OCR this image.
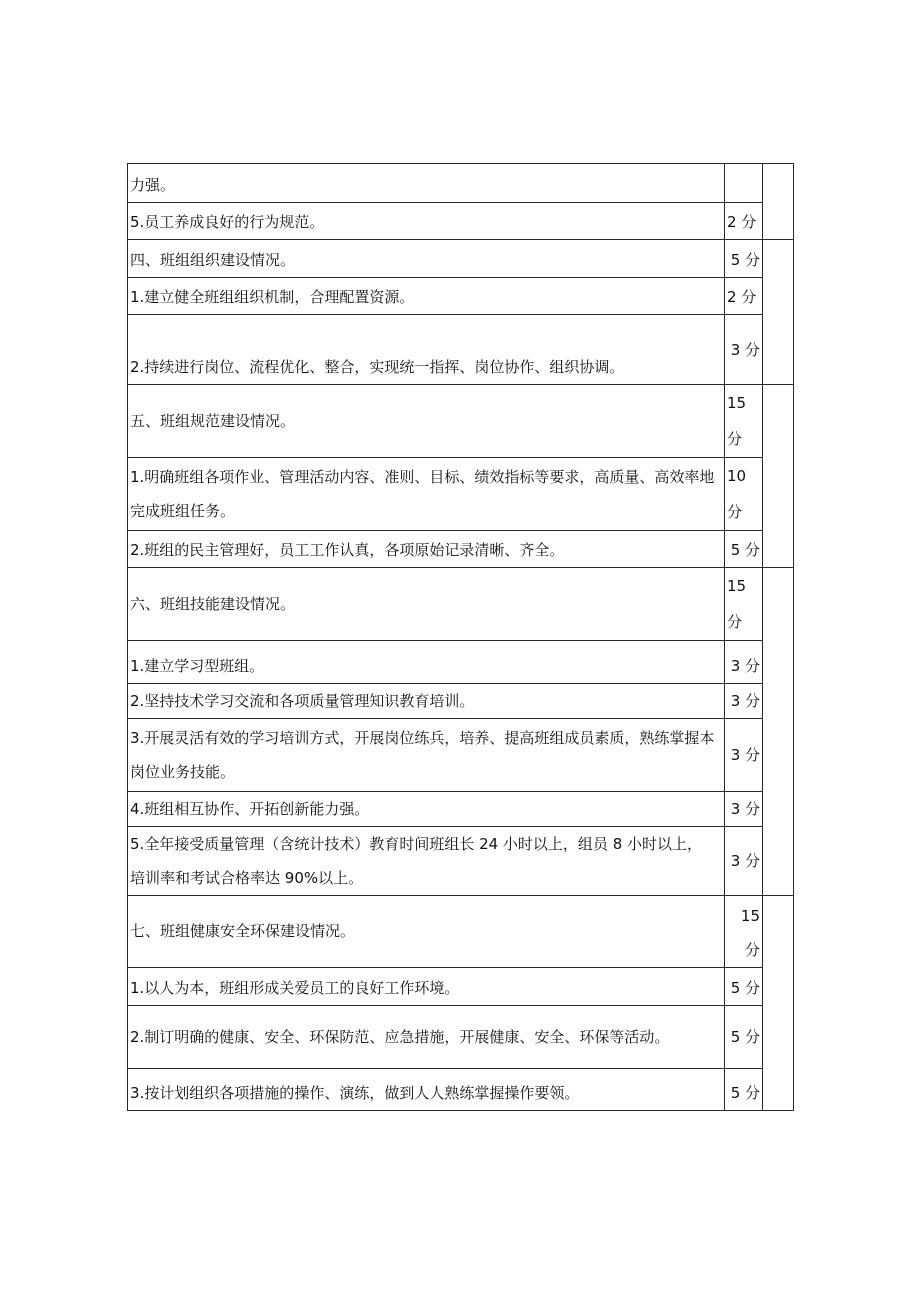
力强。		
5.员工养成良好的行为规范。	2 分	
四、班组组织建设情况。	5 分	
1.建立健全班组组织机制，合理配置资源。	2 分	
2.持续进行岗位、流程优化、整合，实现统一指挥、岗位协作、组织协调。	3 分	
五、班组规范建设情况。	15
分	

1.明确班组各项作业、管理活动内容、准则、目标、绩效指标等要求，高质量、高效率地完成班组任务。	10
分	

2.班组的民主管理好，员工工作认真，各项原始记录清晰、齐全。	5 分	
六、班组技能建设情况。	15
分	

1.建立学习型班组。	3 分	
2.坚持技术学习交流和各项质量管理知识教育培训。	3 分	
3.开展灵活有效的学习培训方式，开展岗位练兵，培养、提高班组成员素质，熟练掌握本岗位业务技能。	3 分	
4.班组相互协作、开拓创新能力强。	3 分	
5.全年接受质量管理（含统计技术）教育时间班组长 24 小时以上，组员 8 小时以上，培训率和考试合格率达 90%以上。	3 分	
七、班组健康安全环保建设情况。	15 分	
1.以人为本，班组形成关爱员工的良好工作环境。	5 分	
2.制订明确的健康、安全、环保防范、应急措施，开展健康、安全、环保等活动。	5 分	
3.按计划组织各项措施的操作、演练，做到人人熟练掌握操作要领。	5 分	
